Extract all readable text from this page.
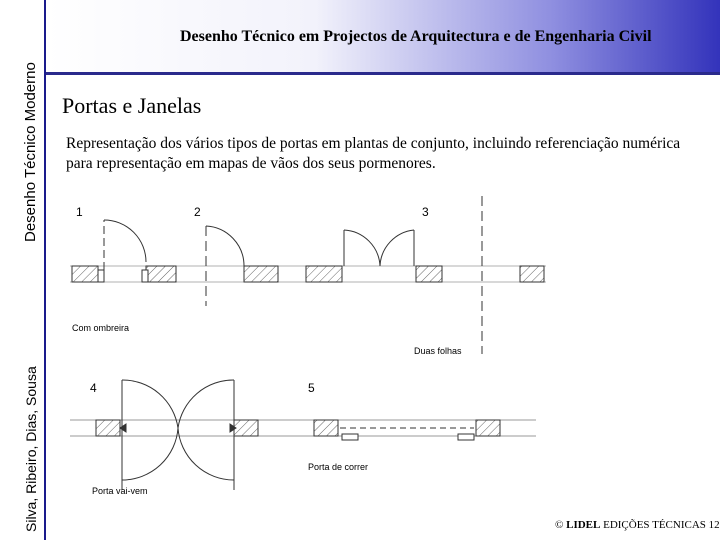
Desenho Técnico Moderno
Silva, Ribeiro, Dias, Sousa
Desenho Técnico em Projectos de Arquitectura e de Engenharia Civil
Portas e Janelas
Representação dos vários tipos de portas em plantas de conjunto, incluindo referenciação numérica para representação em mapas de vãos dos seus pormenores.
1
Com ombreira
2	3
Duas folhas
4
Porta vai-vem
5
Porta de correr
© LIDEL EDIÇÕES TÉCNICAS 12
